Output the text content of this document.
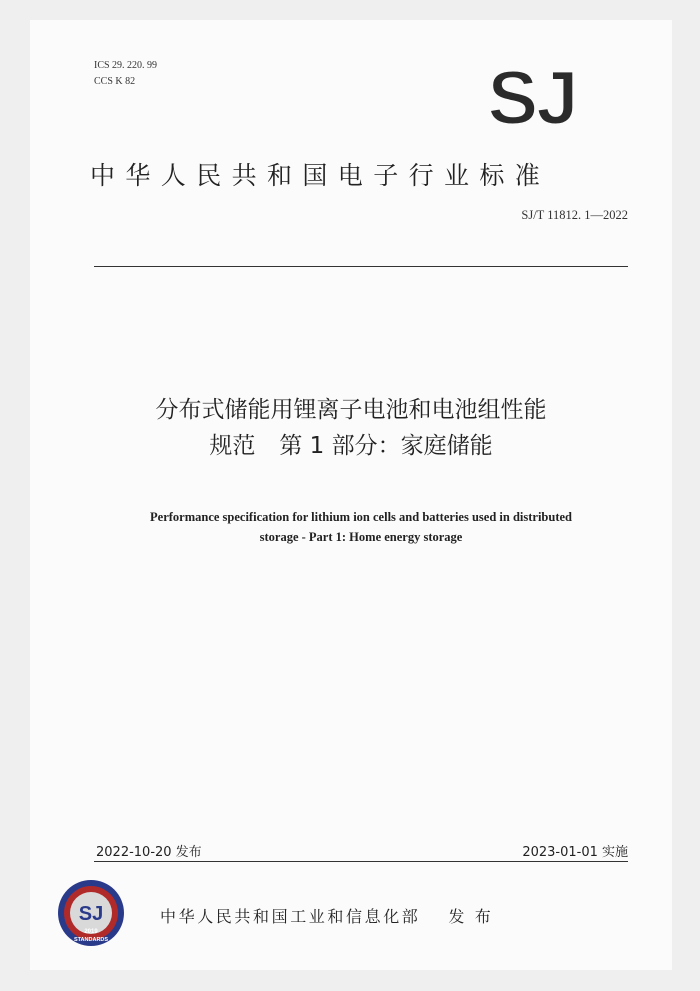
ICS 29. 220. 99
CCS K 82	SJ
中华人民共和国电子行业标准
SJ/T 11812. 1—2022
分布式储能用锂离子电池和电池组性能
规范 第 1 部分：家庭储能
Performance specification for lithium ion cells and batteries used in distributed
storage - Part 1: Home energy storage
2022-10-20 发布	2023-01-01 实施
SJ
2019
STANDARDS
中华人民共和国工业和信息化部 发 布
